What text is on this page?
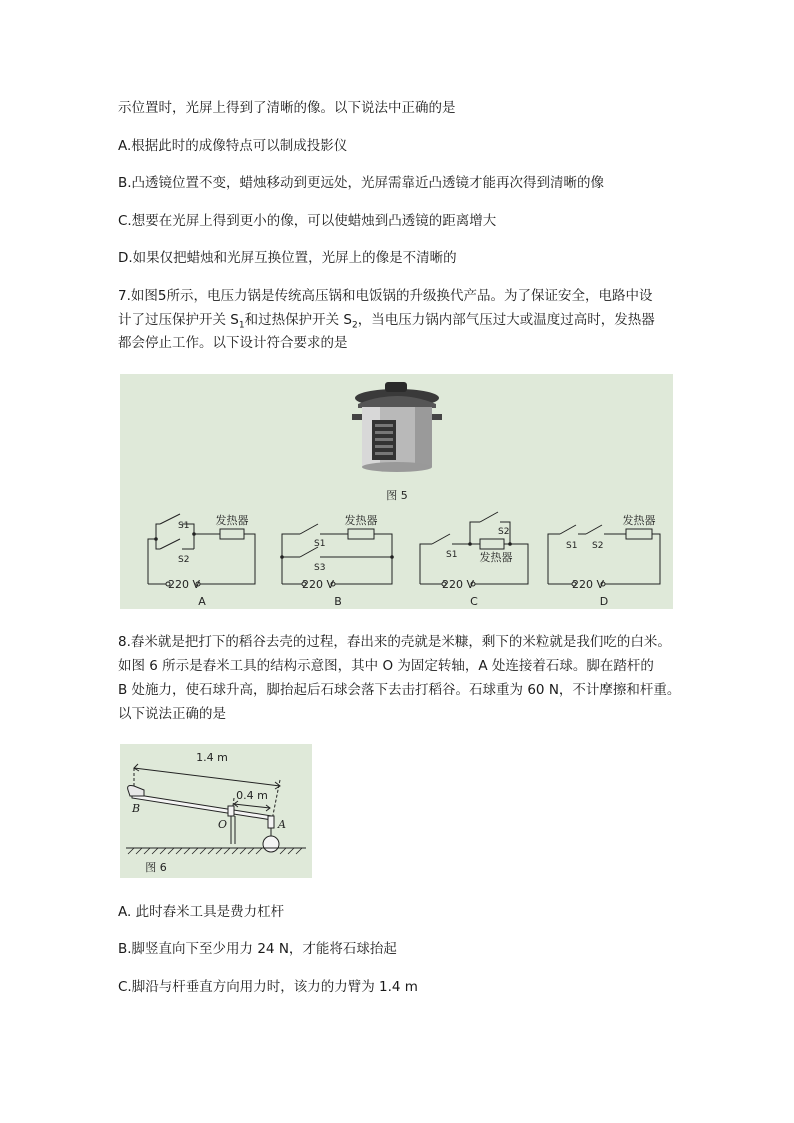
示位置时，光屏上得到了清晰的像。以下说法中正确的是
A.根据此时的成像特点可以制成投影仪
B.凸透镜位置不变，蜡烛移动到更远处，光屏需靠近凸透镜才能再次得到清晰的像
C.想要在光屏上得到更小的像，可以使蜡烛到凸透镜的距离增大
D.如果仅把蜡烛和光屏互换位置，光屏上的像是不清晰的
7.如图5所示，电压力锅是传统高压锅和电饭锅的升级换代产品。为了保证安全，电路中设
计了过压保护开关 $S_1$和过热保护开关 $S_2$，当电压力锅内部气压过大或温度过高时，发热器
都会停止工作。以下设计符合要求的是
图 5
发热器
S1
S2
220 V
A
发热器
S1
S3
220 V
B
S2
S1 发热器
220 V
C
发热器
S1 S2
220 V
D
8.舂米就是把打下的稻谷去壳的过程，舂出来的壳就是米糠，剩下的米粒就是我们吃的白米。
如图 6 所示是舂米工具的结构示意图，其中 O 为固定转轴，A 处连接着石球。脚在踏杆的
B 处施力，使石球升高，脚抬起后石球会落下去击打稻谷。石球重为 60 N，不计摩擦和杆重。
以下说法正确的是
1.4 m
0.4 m
B
O	A
图 6
A. 此时舂米工具是费力杠杆
B.脚竖直向下至少用力 24 N，才能将石球抬起
C.脚沿与杆垂直方向用力时，该力的力臂为 1.4 m
